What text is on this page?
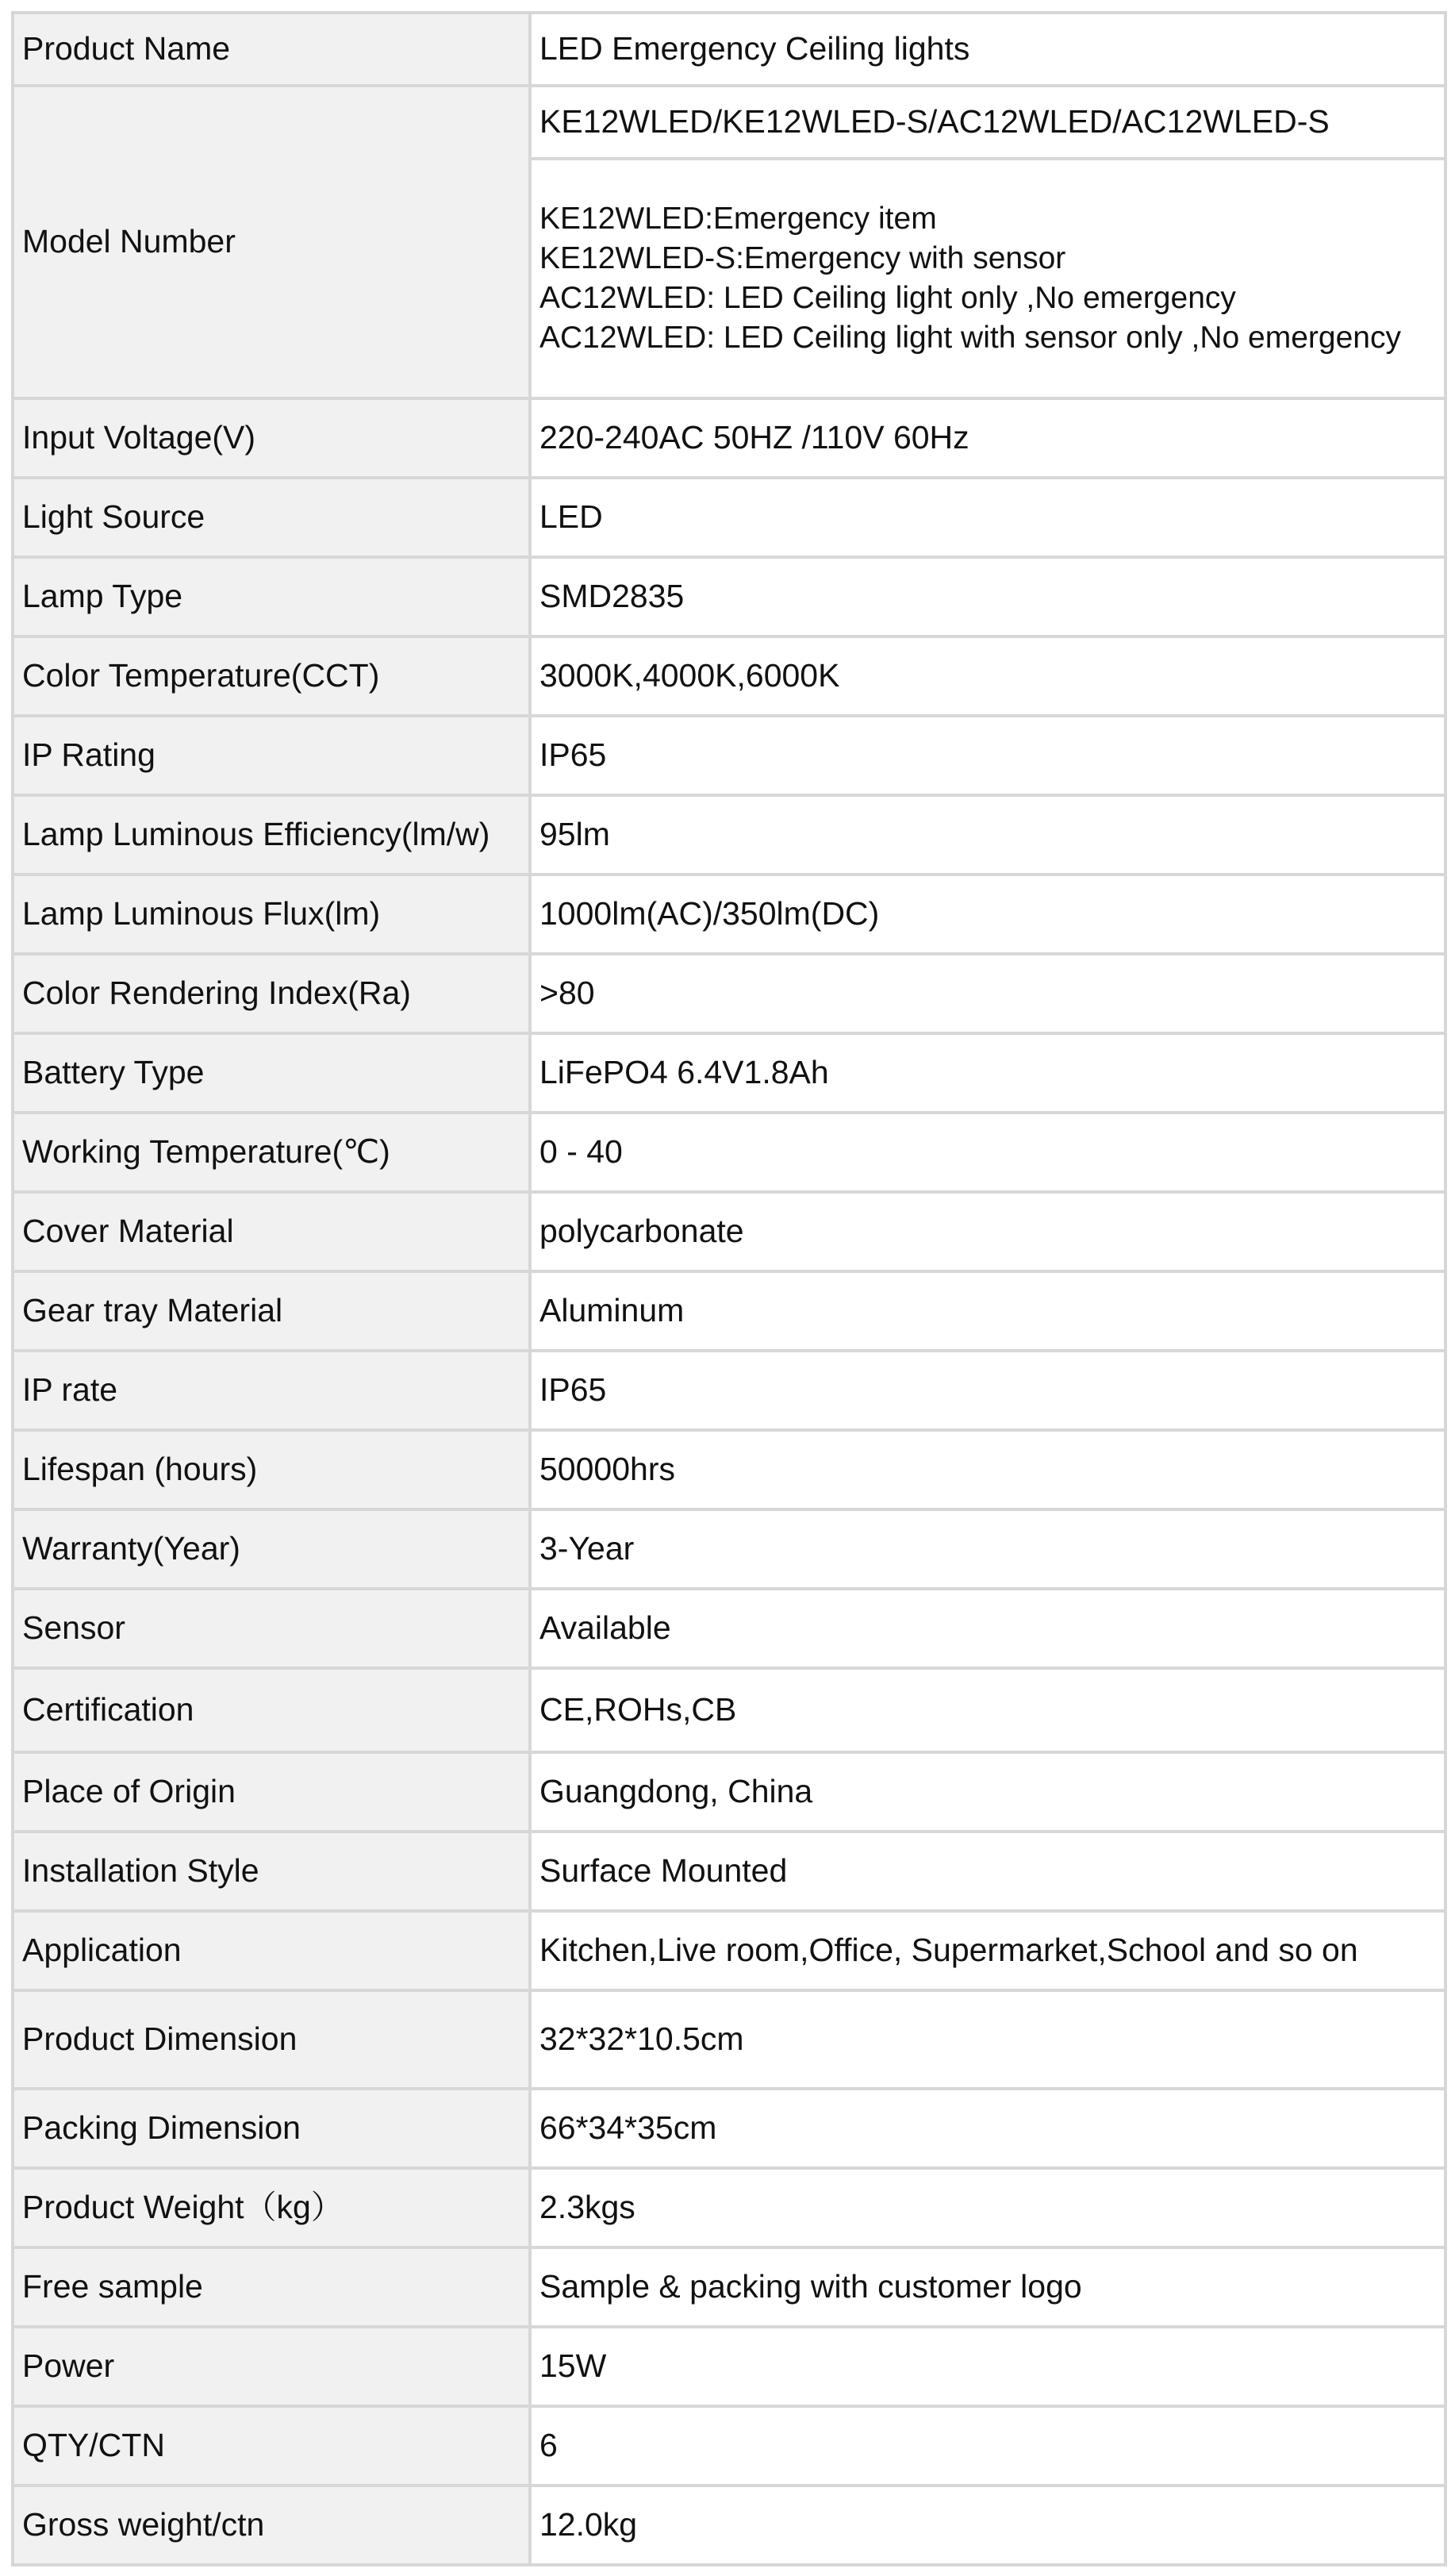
Product Name	LED Emergency Ceiling lights
Model Number	KE12WLED/KE12WLED-S/AC12WLED/AC12WLED-S

	KE12WLED:Emergency item
KE12WLED-S:Emergency with sensor
AC12WLED: LED Ceiling light only ,No emergency
AC12WLED: LED Ceiling light with sensor only ,No emergency

Input Voltage(V)	220-240AC 50HZ /110V 60Hz
Light Source	LED
Lamp Type	SMD2835
Color Temperature(CCT)	3000K,4000K,6000K
IP Rating	IP65
Lamp Luminous Efficiency(lm/w)	95lm
Lamp Luminous Flux(lm)	1000lm(AC)/350lm(DC)
Color Rendering Index(Ra)	>80
Battery Type	LiFePO4 6.4V1.8Ah
Working Temperature(℃)	0 - 40
Cover Material	polycarbonate
Gear tray Material	Aluminum
IP rate	IP65
Lifespan (hours)	50000hrs
Warranty(Year)	3-Year
Sensor	Available
Certification	CE,ROHs,CB
Place of Origin	Guangdong, China
Installation Style	Surface Mounted
Application	Kitchen,Live room,Office, Supermarket,School and so on
Product Dimension	32*32*10.5cm
Packing Dimension	66*34*35cm
Product Weight（kg）	2.3kgs
Free sample	Sample & packing with customer logo
Power	15W
QTY/CTN	6
Gross weight/ctn	12.0kg
